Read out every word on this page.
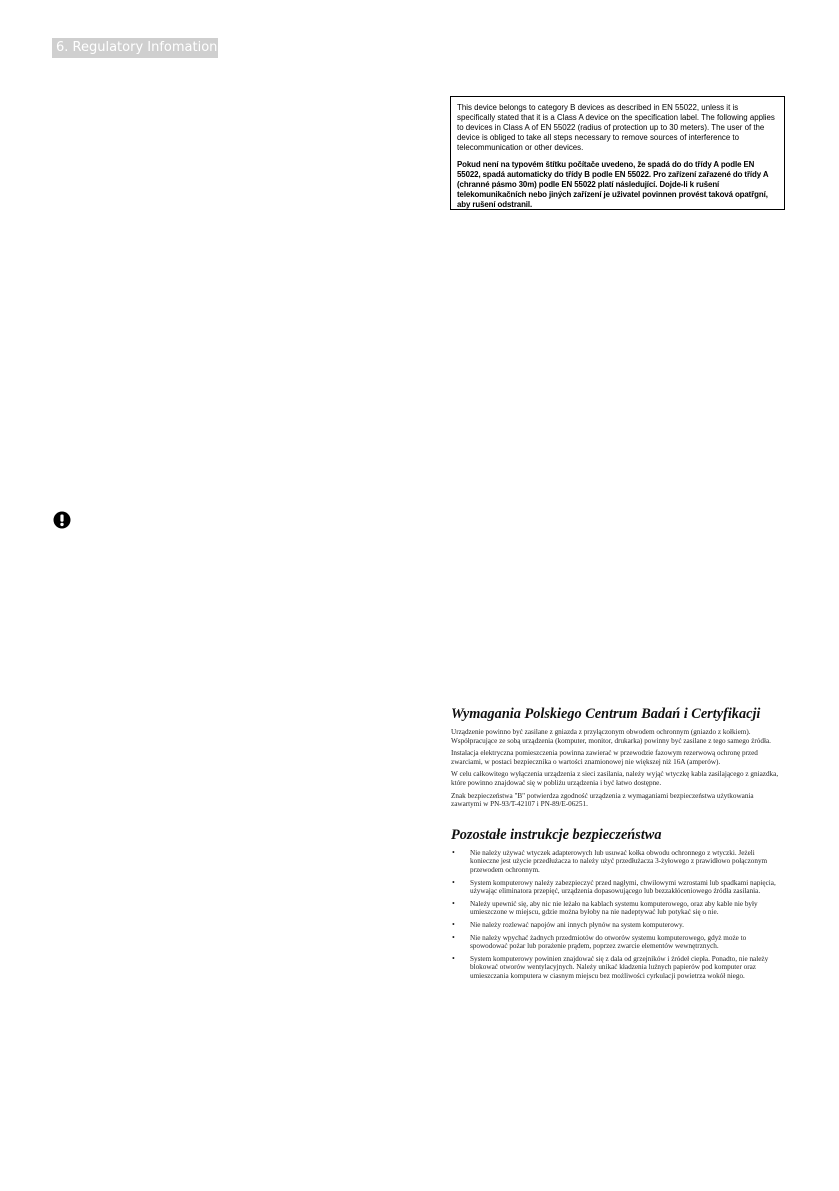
6. Regulatory Infomation

This device belongs to category B devices as described in EN 55022, unless it is specifically stated that it is a Class A device on the specification label. The following applies to devices in Class A of EN 55022 (radius of protection up to 30 meters). The user of the device is obliged to take all steps necessary to remove sources of interference to telecommunication or other devices.

Pokud není na typovém štítku počítače uvedeno, že spadá do do třídy A podle EN 55022, spadá automaticky do třídy B podle EN 55022. Pro zařízení zařazené do třídy A (chranné pásmo 30m) podle EN 55022 platí následující. Dojde-li k rušení telekomunikačních nebo jiných zařízení je uživatel povinnen provést taková opatřgní, aby rušení odstranil.

Wymagania Polskiego Centrum Badań i Certyfikacji

Urządzenie powinno być zasilane z gniazda z przyłączonym obwodem ochronnym (gniazdo z kołkiem). Współpracujące ze sobą urządzenia (komputer, monitor, drukarka) powinny być zasilane z tego samego źródła.

Instalacja elektryczna pomieszczenia powinna zawierać w przewodzie fazowym rezerwową ochronę przed zwarciami, w postaci bezpiecznika o wartości znamionowej nie większej niż 16A (amperów).

W celu całkowitego wyłączenia urządzenia z sieci zasilania, należy wyjąć wtyczkę kabla zasilającego z gniazdka, które powinno znajdować się w pobliżu urządzenia i być łatwo dostępne.

Znak bezpieczeństwa "B" potwierdza zgodność urządzenia z wymaganiami bezpieczeństwa użytkowania zawartymi w PN-93/T-42107 i PN-89/E-06251.

Pozostałe instrukcje bezpieczeństwa
• Nie należy używać wtyczek adapterowych lub usuwać kołka obwodu ochronnego z wtyczki. Jeżeli konieczne jest użycie przedłużacza to należy użyć przedłużacza 3-żyłowego z prawidłowo połączonym przewodem ochronnym.
• System komputerowy należy zabezpieczyć przed nagłymi, chwilowymi wzrostami lub spadkami napięcia, używając eliminatora przepięć, urządzenia dopasowującego lub bezzakłóceniowego źródła zasilania.
• Należy upewnić się, aby nic nie leżało na kablach systemu komputerowego, oraz aby kable nie były umieszczone w miejscu, gdzie można byłoby na nie nadeptywać lub potykać się o nie.
• Nie należy rozlewać napojów ani innych płynów na system komputerowy.
• Nie należy wpychać żadnych przedmiotów do otworów systemu komputerowego, gdyż może to spowodować pożar lub porażenie prądem, poprzez zwarcie elementów wewnętrznych.
• System komputerowy powinien znajdować się z dala od grzejników i źródeł ciepła. Ponadto, nie należy blokować otworów wentylacyjnych. Należy unikać kładzenia luźnych papierów pod komputer oraz umieszczania komputera w ciasnym miejscu bez możliwości cyrkulacji powietrza wokół niego.
